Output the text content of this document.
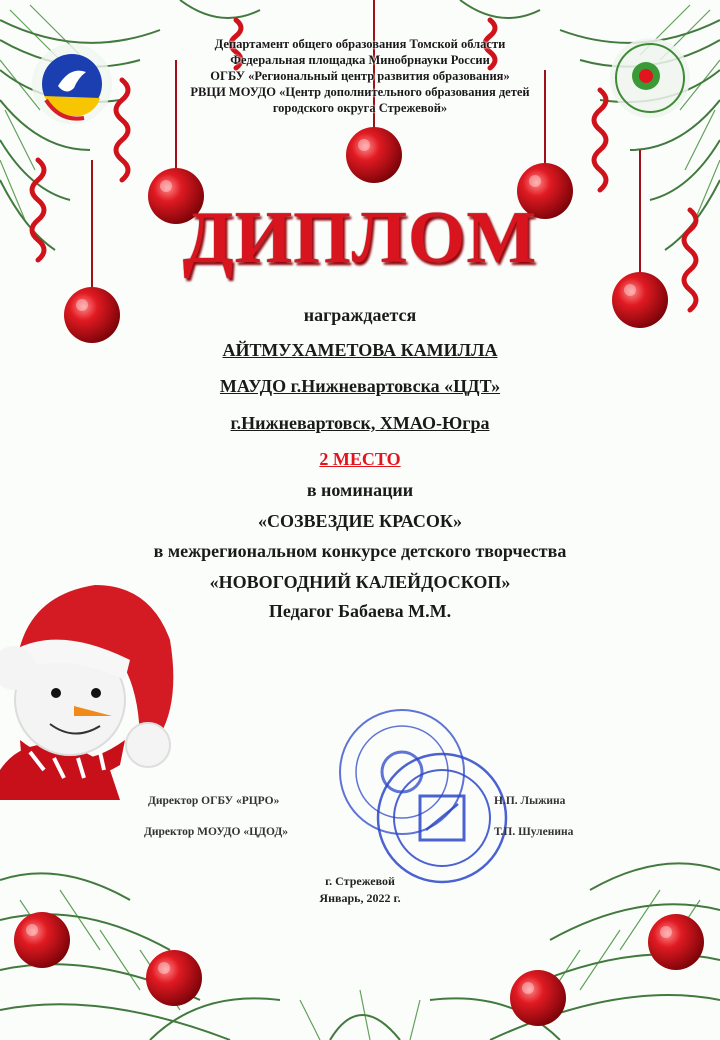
Департамент общего образования Томской области
Федеральная площадка Минобрнауки России
ОГБУ «Региональный центр развития образования»
РВЦИ МОУДО «Центр дополнительного образования детей
городского округа Стрежевой»
ДИПЛОМ
награждается
АЙТМУХАМЕТОВА КАМИЛЛА
МАУДО г.Нижневартовска «ЦДТ»
г.Нижневартовск, ХМАО-Югра
2 МЕСТО
в номинации
«СОЗВЕЗДИЕ КРАСОК»
в межрегиональном конкурсе детского творчества
«НОВОГОДНИЙ КАЛЕЙДОСКОП»
Педагог Бабаева М.М.
Директор ОГБУ «РЦРО»	Н.П. Лыжина
Директор МОУДО «ЦДОД»	Т.П. Шуленина
г. Стрежевой
Январь, 2022 г.
